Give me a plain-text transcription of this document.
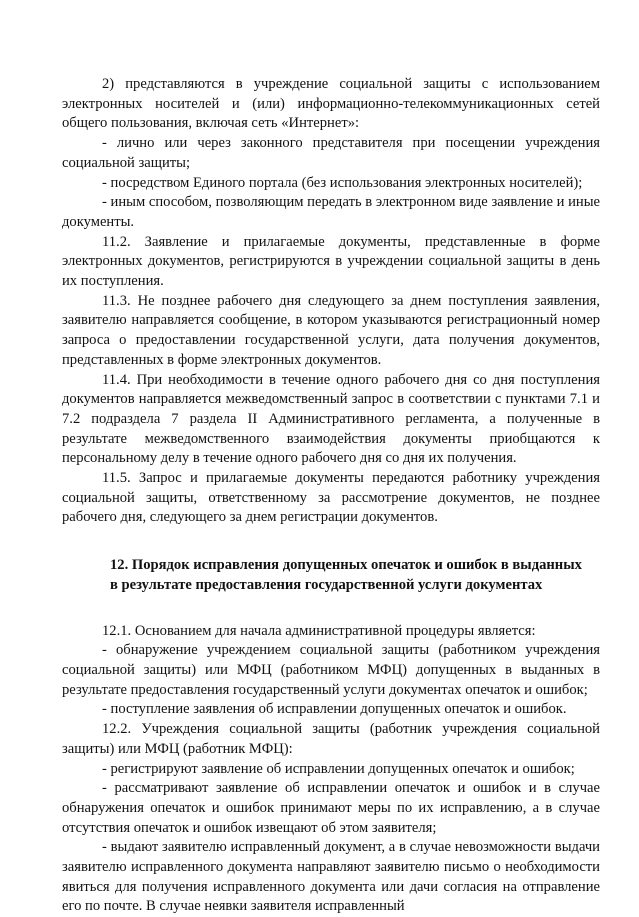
2) представляются в учреждение социальной защиты с использованием электронных носителей и (или) информационно-телекоммуникационных сетей общего пользования, включая сеть «Интернет»:

- лично или через законного представителя при посещении учреждения социальной защиты;

- посредством Единого портала (без использования электронных носителей);

- иным способом, позволяющим передать в электронном виде заявление и иные документы.

11.2. Заявление и прилагаемые документы, представленные в форме электронных документов, регистрируются в учреждении социальной защиты в день их поступления.

11.3. Не позднее рабочего дня следующего за днем поступления заявления, заявителю направляется сообщение, в котором указываются регистрационный номер запроса о предоставлении государственной услуги, дата получения документов, представленных в форме электронных документов.

11.4. При необходимости в течение одного рабочего дня со дня поступления документов направляется межведомственный запрос в соответствии с пунктами 7.1 и 7.2 подраздела 7 раздела II Административного регламента, а полученные в результате межведомственного взаимодействия документы приобщаются к персональному делу в течение одного рабочего дня со дня их получения.

11.5. Запрос и прилагаемые документы передаются работнику учреждения социальной защиты, ответственному за рассмотрение документов, не позднее рабочего дня, следующего за днем регистрации документов.

12. Порядок исправления допущенных опечаток и ошибок в выданных
в результате предоставления государственной услуги документах

12.1. Основанием для начала административной процедуры является:

- обнаружение учреждением социальной защиты (работником учреждения социальной защиты) или МФЦ (работником МФЦ) допущенных в выданных в результате предоставления государственный услуги документах опечаток и ошибок;

- поступление заявления об исправлении допущенных опечаток и ошибок.

12.2. Учреждения социальной защиты (работник учреждения социальной защиты) или МФЦ (работник МФЦ):

- регистрируют заявление об исправлении допущенных опечаток и ошибок;

- рассматривают заявление об исправлении опечаток и ошибок и в случае обнаружения опечаток и ошибок принимают меры по их исправлению, а в случае отсутствия опечаток и ошибок извещают об этом заявителя;

- выдают заявителю исправленный документ, а в случае невозможности выдачи заявителю исправленного документа направляют заявителю письмо о необходимости явиться для получения исправленного документа или дачи согласия на отправление его по почте. В случае неявки заявителя исправленный
